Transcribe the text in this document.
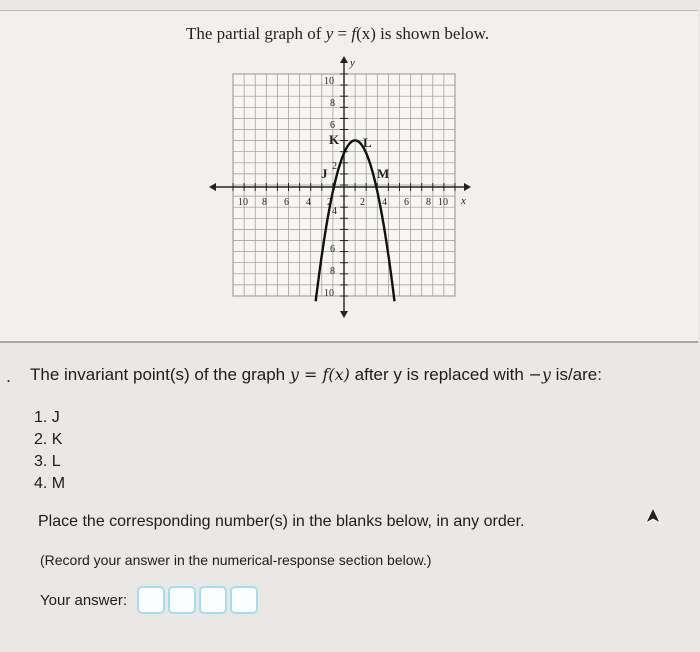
The partial graph of y = f(x) is shown below.
y
x
10 8 6 4 2	2 4 6 8 10
10
8
6
2
4
6
8
10
K L
J	M
. The invariant point(s) of the graph y = f(x) after y is replaced with −y is/are:
1. J
2. K
3. L
4. M
Place the corresponding number(s) in the blanks below, in any order.
(Record your answer in the numerical-response section below.)
Your answer:
